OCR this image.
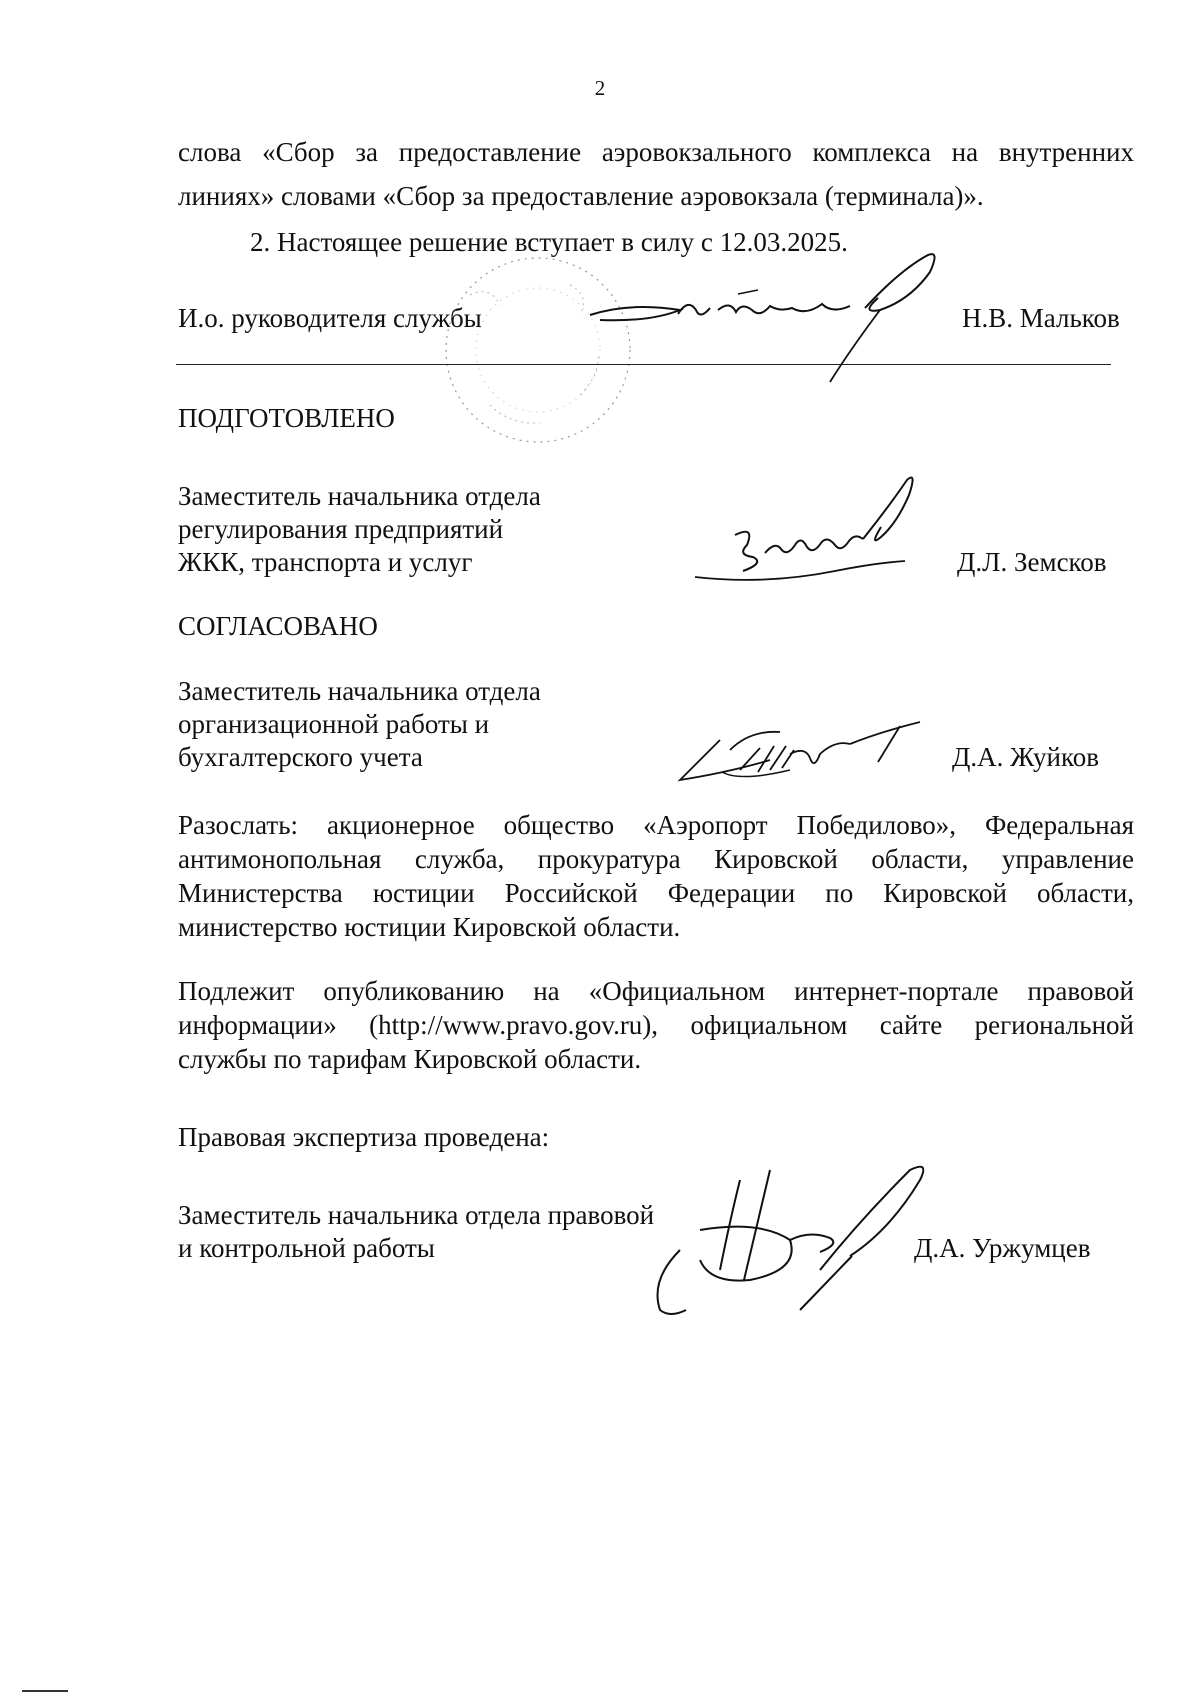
2
слова «Сбор за предоставление аэровокзального комплекса на внутренних
линиях» словами «Сбор за предоставление аэровокзала (терминала)».
2. Настоящее решение вступает в силу с 12.03.2025.
И.о. руководителя службы	Н.В. Мальков
ПОДГОТОВЛЕНО
Заместитель начальника отдела
регулирования предприятий
ЖКК, транспорта и услуг	Д.Л. Земсков
СОГЛАСОВАНО
Заместитель начальника отдела
организационной работы и
бухгалтерского учета	Д.А. Жуйков
Разослать: акционерное общество «Аэропорт Победилово», Федеральная
антимонопольная служба, прокуратура Кировской области, управление
Министерства юстиции Российской Федерации по Кировской области,
министерство юстиции Кировской области.
Подлежит опубликованию на «Официальном интернет-портале правовой
информации» (http://www.pravo.gov.ru), официальном сайте региональной
службы по тарифам Кировской области.
Правовая экспертиза проведена:
Заместитель начальника отдела правовой
и контрольной работы	Д.А. Уржумцев
